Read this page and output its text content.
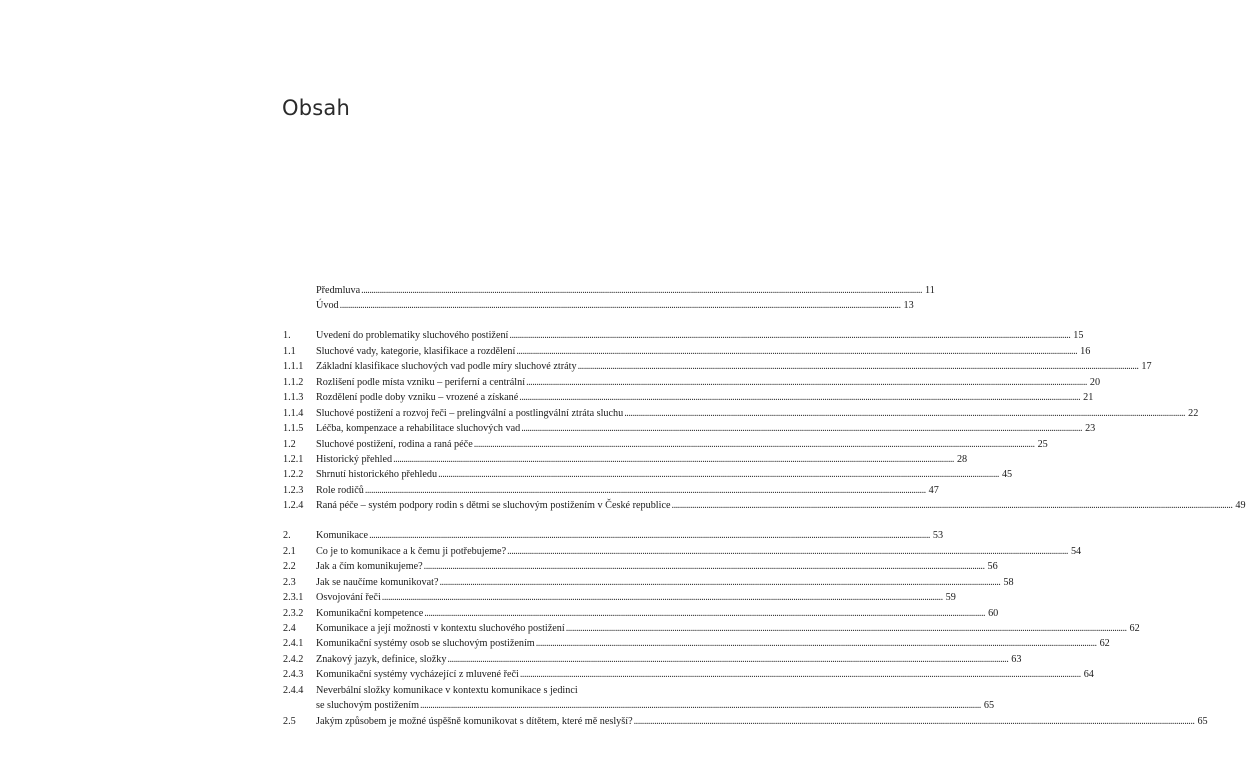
Obsah
Předmluva .....	11
Úvod .....	13
1.	Uvedení do problematiky sluchového postižení .....	15
1.1	Sluchové vady, kategorie, klasifikace a rozdělení .....	16
1.1.1	Základní klasifikace sluchových vad podle míry sluchové ztráty .....	17
1.1.2	Rozlišení podle místa vzniku – periferní a centrální .....	20
1.1.3	Rozdělení podle doby vzniku – vrozené a získané .....	21
1.1.4	Sluchové postižení a rozvoj řeči – prelingvální a postlingvální ztráta sluchu .....	22
1.1.5	Léčba, kompenzace a rehabilitace sluchových vad .....	23
1.2	Sluchové postižení, rodina a raná péče .....	25
1.2.1	Historický přehled .....	28
1.2.2	Shrnutí historického přehledu .....	45
1.2.3	Role rodičů .....	47
1.2.4	Raná péče – systém podpory rodin s dětmi se sluchovým postižením v České republice .....	49
2.	Komunikace .....	53
2.1	Co je to komunikace a k čemu ji potřebujeme? .....	54
2.2	Jak a čím komunikujeme? .....	56
2.3	Jak se naučíme komunikovat? .....	58
2.3.1	Osvojování řeči .....	59
2.3.2	Komunikační kompetence .....	60
2.4	Komunikace a její možnosti v kontextu sluchového postižení .....	62
2.4.1	Komunikační systémy osob se sluchovým postižením .....	62
2.4.2	Znakový jazyk, definice, složky .....	63
2.4.3	Komunikační systémy vycházející z mluvené řeči .....	64
2.4.4	Neverbální složky komunikace v kontextu komunikace s jedinci
se sluchovým postižením .....	65
2.5	Jakým způsobem je možné úspěšně komunikovat s dítětem, které mě neslyší? .....	65
